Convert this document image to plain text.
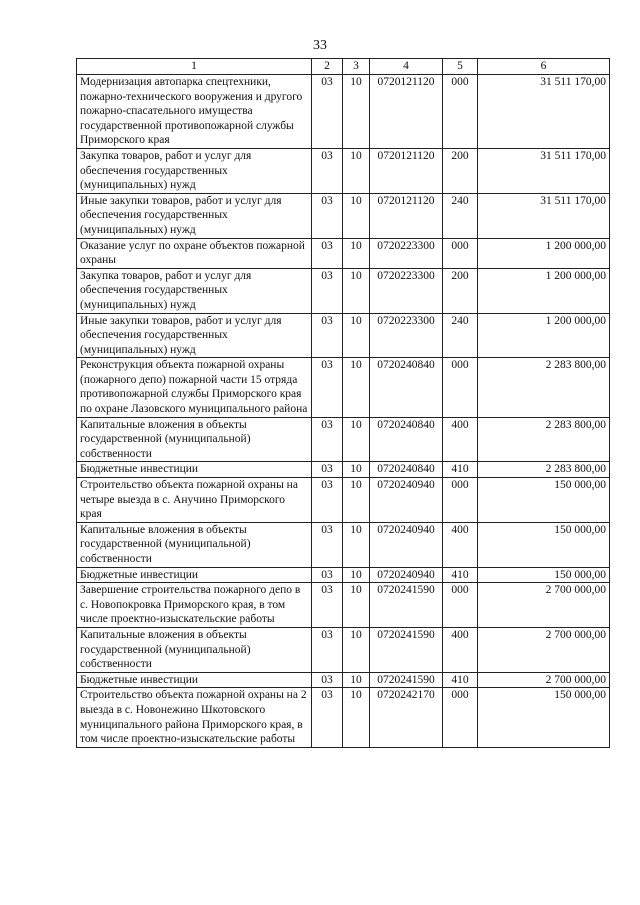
33
1	2	3	4	5	6
Модернизация автопарка спецтехники, пожарно-технического вооружения и другого пожарно-спасательного имущества государственной противопожарной службы Приморского края	03	10	0720121120	000	31 511 170,00
Закупка товаров, работ и услуг для обеспечения государственных (муниципальных) нужд	03	10	0720121120	200	31 511 170,00
Иные закупки товаров, работ и услуг для обеспечения государственных (муниципальных) нужд	03	10	0720121120	240	31 511 170,00
Оказание услуг по охране объектов пожарной охраны	03	10	0720223300	000	1 200 000,00
Закупка товаров, работ и услуг для обеспечения государственных (муниципальных) нужд	03	10	0720223300	200	1 200 000,00
Иные закупки товаров, работ и услуг для обеспечения государственных (муниципальных) нужд	03	10	0720223300	240	1 200 000,00
Реконструкция объекта пожарной охраны (пожарного депо) пожарной части 15 отряда противопожарной службы Приморского края по охране Лазовского муниципального района	03	10	0720240840	000	2 283 800,00
Капитальные вложения в объекты государственной (муниципальной) собственности	03	10	0720240840	400	2 283 800,00
Бюджетные инвестиции	03	10	0720240840	410	2 283 800,00
Строительство объекта пожарной охраны на четыре выезда в с. Анучино Приморского края	03	10	0720240940	000	150 000,00
Капитальные вложения в объекты государственной (муниципальной) собственности	03	10	0720240940	400	150 000,00
Бюджетные инвестиции	03	10	0720240940	410	150 000,00
Завершение строительства пожарного депо в с. Новопокровка Приморского края, в том числе проектно-изыскательские работы	03	10	0720241590	000	2 700 000,00
Капитальные вложения в объекты государственной (муниципальной) собственности	03	10	0720241590	400	2 700 000,00
Бюджетные инвестиции	03	10	0720241590	410	2 700 000,00
Строительство объекта пожарной охраны на 2 выезда в с. Новонежино Шкотовского муниципального района Приморского края, в том числе проектно-изыскательские работы	03	10	0720242170	000	150 000,00
